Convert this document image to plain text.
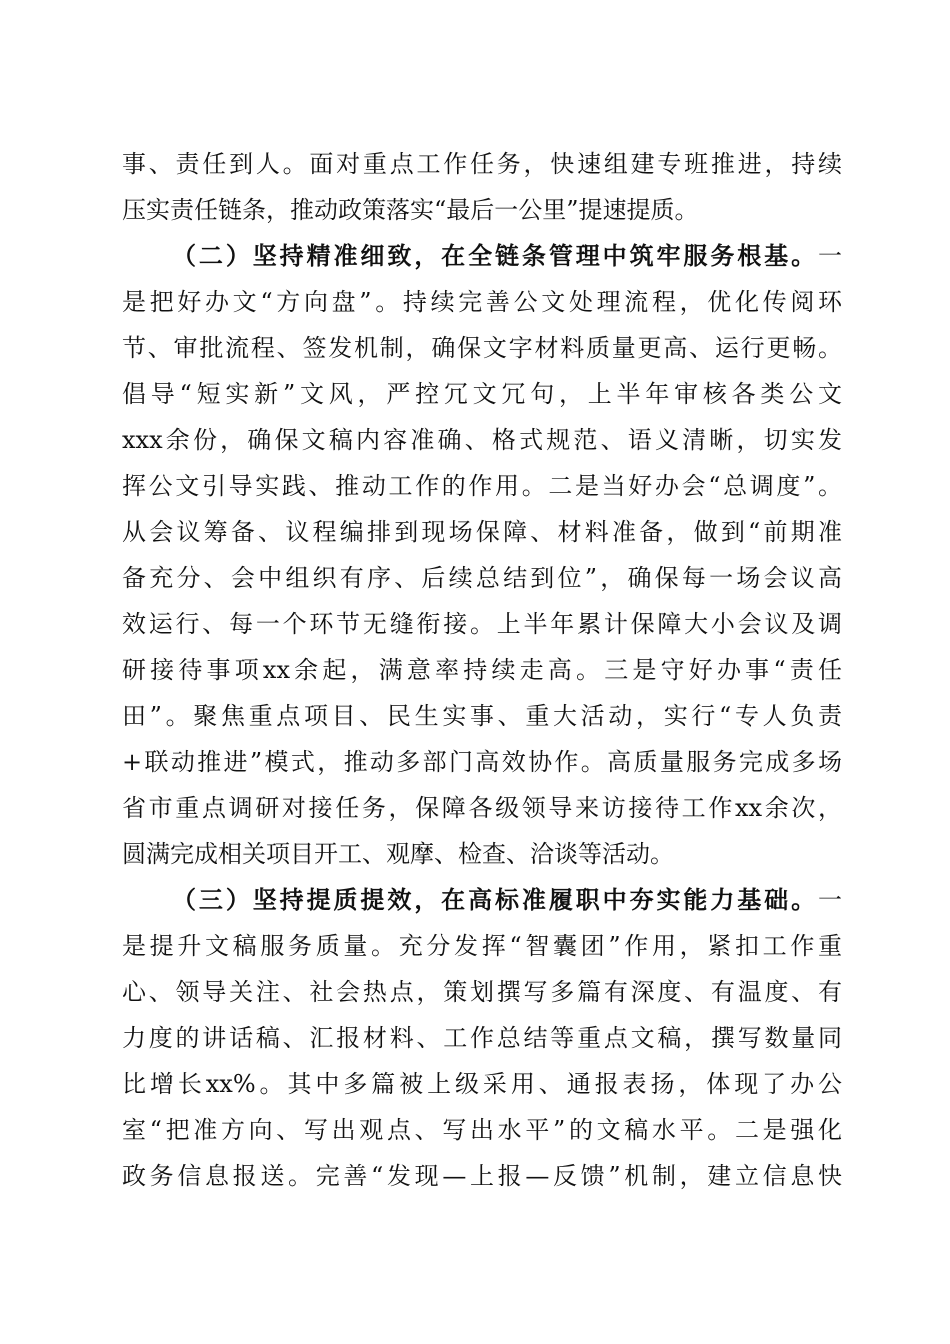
事、责任到人。面对重点工作任务，快速组建专班推进，持续
压实责任链条，推动政策落实“最后一公里”提速提质。
（二）坚持精准细致，在全链条管理中筑牢服务根基。一
是把好办文“方向盘”。持续完善公文处理流程，优化传阅环
节、审批流程、签发机制，确保文字材料质量更高、运行更畅。
倡导“短实新”文风，严控冗文冗句，上半年审核各类公文
xxx余份，确保文稿内容准确、格式规范、语义清晰，切实发
挥公文引导实践、推动工作的作用。二是当好办会“总调度”。
从会议筹备、议程编排到现场保障、材料准备，做到“前期准
备充分、会中组织有序、后续总结到位”，确保每一场会议高
效运行、每一个环节无缝衔接。上半年累计保障大小会议及调
研接待事项xx余起，满意率持续走高。三是守好办事“责任
田”。聚焦重点项目、民生实事、重大活动，实行“专人负责
+联动推进”模式，推动多部门高效协作。高质量服务完成多场
省市重点调研对接任务，保障各级领导来访接待工作xx余次，
圆满完成相关项目开工、观摩、检查、洽谈等活动。
（三）坚持提质提效，在高标准履职中夯实能力基础。一
是提升文稿服务质量。充分发挥“智囊团”作用，紧扣工作重
心、领导关注、社会热点，策划撰写多篇有深度、有温度、有
力度的讲话稿、汇报材料、工作总结等重点文稿，撰写数量同
比增长xx%。其中多篇被上级采用、通报表扬，体现了办公
室“把准方向、写出观点、写出水平”的文稿水平。二是强化
政务信息报送。完善“发现—上报—反馈”机制，建立信息快
